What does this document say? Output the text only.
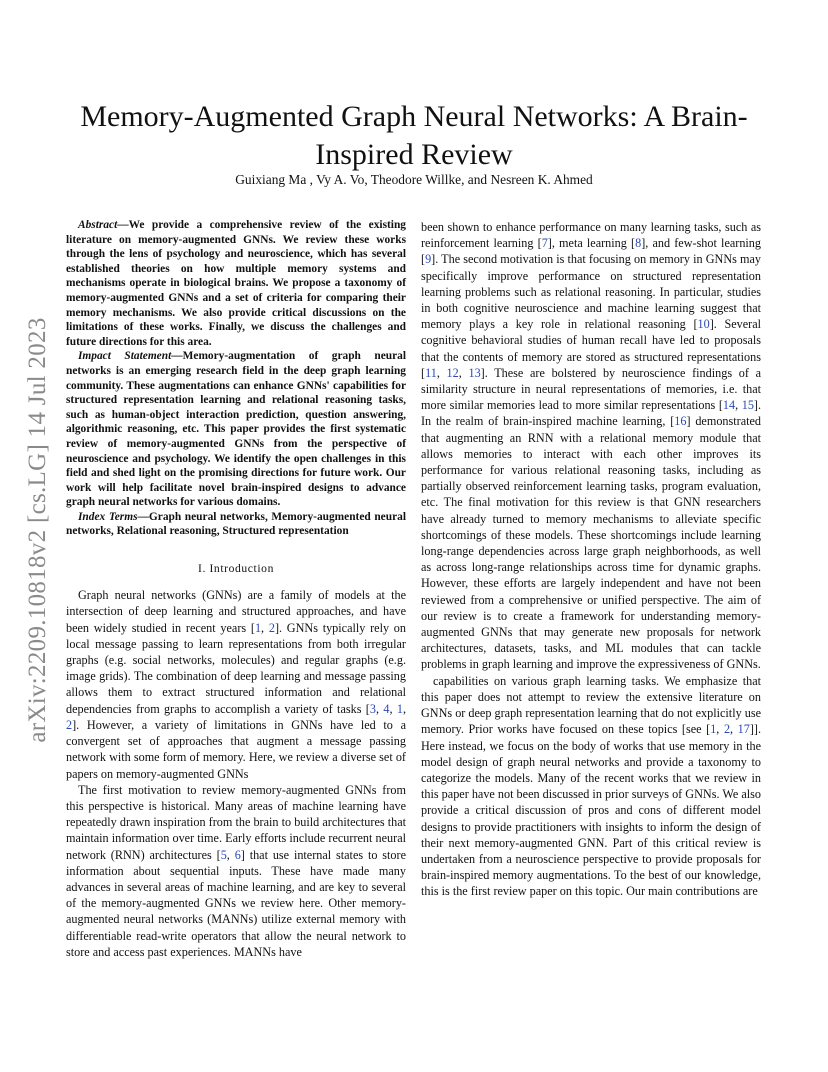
arXiv:2209.10818v2 [cs.LG] 14 Jul 2023
Memory-Augmented Graph Neural Networks: A Brain-Inspired Review
Guixiang Ma , Vy A. Vo, Theodore Willke, and Nesreen K. Ahmed

Abstract—We provide a comprehensive review of the existing literature on memory-augmented GNNs. We review these works through the lens of psychology and neuroscience, which has several established theories on how multiple memory systems and mechanisms operate in biological brains. We propose a taxonomy of memory-augmented GNNs and a set of criteria for comparing their memory mechanisms. We also provide critical discussions on the limitations of these works. Finally, we discuss the challenges and future directions for this area.

Impact Statement—Memory-augmentation of graph neural networks is an emerging research field in the deep graph learning community. These augmentations can enhance GNNs' capabilities for structured representation learning and relational reasoning tasks, such as human-object interaction prediction, question answering, algorithmic reasoning, etc. This paper provides the first systematic review of memory-augmented GNNs from the perspective of neuroscience and psychology. We identify the open challenges in this field and shed light on the promising directions for future work. Our work will help facilitate novel brain-inspired designs to advance graph neural networks for various domains.

Index Terms—Graph neural networks, Memory-augmented neural networks, Relational reasoning, Structured representation

I. Introduction

Graph neural networks (GNNs) are a family of models at the intersection of deep learning and structured approaches, and have been widely studied in recent years [1, 2]. GNNs typically rely on local message passing to learn representations from both irregular graphs (e.g. social networks, molecules) and regular graphs (e.g. image grids). The combination of deep learning and message passing allows them to extract structured information and relational dependencies from graphs to accomplish a variety of tasks [3, 4, 1, 2]. However, a variety of limitations in GNNs have led to a convergent set of approaches that augment a message passing network with some form of memory. Here, we review a diverse set of papers on memory-augmented GNNs

The first motivation to review memory-augmented GNNs from this perspective is historical. Many areas of machine learning have repeatedly drawn inspiration from the brain to build architectures that maintain information over time. Early efforts include recurrent neural network (RNN) architectures [5, 6] that use internal states to store information about sequential inputs. These have made many advances in several areas of machine learning, and are key to several of the memory-augmented GNNs we review here. Other memory-augmented neural networks (MANNs) utilize external memory with differentiable read-write operators that allow the neural network to store and access past experiences. MANNs have

been shown to enhance performance on many learning tasks, such as reinforcement learning [7], meta learning [8], and few-shot learning [9]. The second motivation is that focusing on memory in GNNs may specifically improve performance on structured representation learning problems such as relational reasoning. In particular, studies in both cognitive neuroscience and machine learning suggest that memory plays a key role in relational reasoning [10]. Several cognitive behavioral studies of human recall have led to proposals that the contents of memory are stored as structured representations [11, 12, 13]. These are bolstered by neuroscience findings of a similarity structure in neural representations of memories, i.e. that more similar memories lead to more similar representations [14, 15]. In the realm of brain-inspired machine learning, [16] demonstrated that augmenting an RNN with a relational memory module that allows memories to interact with each other improves its performance for various relational reasoning tasks, including as partially observed reinforcement learning tasks, program evaluation, etc. The final motivation for this review is that GNN researchers have already turned to memory mechanisms to alleviate specific shortcomings of these models. These shortcomings include learning long-range dependencies across large graph neighborhoods, as well as across long-range relationships across time for dynamic graphs. However, these efforts are largely independent and have not been reviewed from a comprehensive or unified perspective. The aim of our review is to create a framework for understanding memory-augmented GNNs that may generate new proposals for network architectures, datasets, tasks, and ML modules that can tackle problems in graph learning and improve the expressiveness of GNNs.

capabilities on various graph learning tasks. We emphasize that this paper does not attempt to review the extensive literature on GNNs or deep graph representation learning that do not explicitly use memory. Prior works have focused on these topics [see [1, 2, 17]]. Here instead, we focus on the body of works that use memory in the model design of graph neural networks and provide a taxonomy to categorize the models. Many of the recent works that we review in this paper have not been discussed in prior surveys of GNNs. We also provide a critical discussion of pros and cons of different model designs to provide practitioners with insights to inform the design of their next memory-augmented GNN. Part of this critical review is undertaken from a neuroscience perspective to provide proposals for brain-inspired memory augmentations. To the best of our knowledge, this is the first review paper on this topic. Our main contributions are
